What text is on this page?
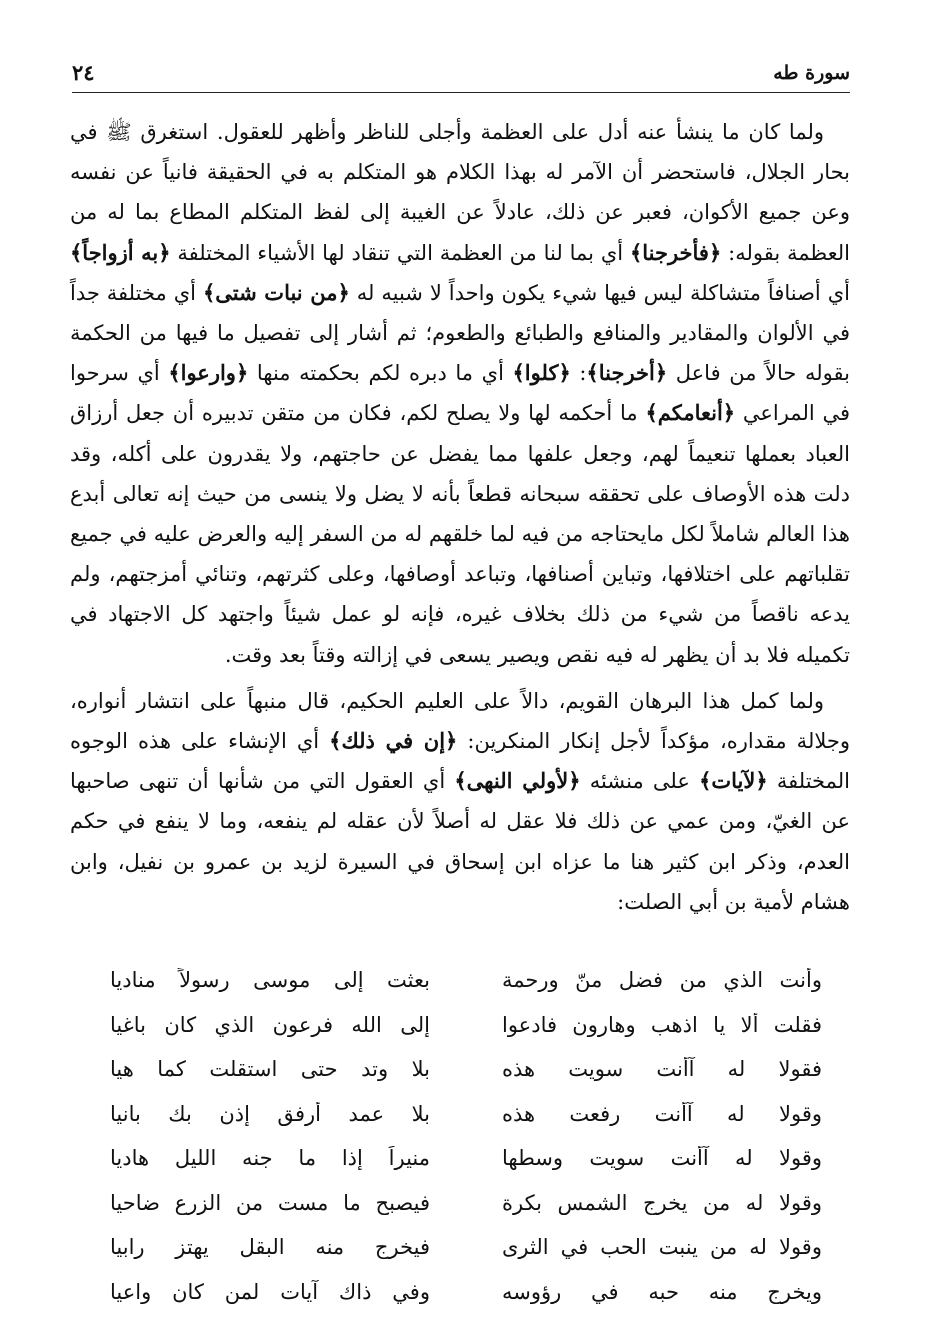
سورة طه
٢٤

ولما كان ما ينشأ عنه أدل على العظمة وأجلى للناظر وأظهر للعقول. استغرق ﷺ في بحار الجلال، فاستحضر أن الآمر له بهذا الكلام هو المتكلم به في الحقيقة فانياً عن نفسه وعن جميع الأكوان، فعبر عن ذلك، عادلاً عن الغيبة إلى لفظ المتكلم المطاع بما له من العظمة بقوله: ﴿فأخرجنا﴾ أي بما لنا من العظمة التي تنقاد لها الأشياء المختلفة ﴿به أزواجاً﴾ أي أصنافاً متشاكلة ليس فيها شيء يكون واحداً لا شبيه له ﴿من نبات شتى﴾ أي مختلفة جداً في الألوان والمقادير والمنافع والطبائع والطعوم؛ ثم أشار إلى تفصيل ما فيها من الحكمة بقوله حالاً من فاعل ﴿أخرجنا﴾: ﴿كلوا﴾ أي ما دبره لكم بحكمته منها ﴿وارعوا﴾ أي سرحوا في المراعي ﴿أنعامكم﴾ ما أحكمه لها ولا يصلح لكم، فكان من متقن تدبيره أن جعل أرزاق العباد بعملها تنعيماً لهم، وجعل علفها مما يفضل عن حاجتهم، ولا يقدرون على أكله، وقد دلت هذه الأوصاف على تحققه سبحانه قطعاً بأنه لا يضل ولا ينسى من حيث إنه تعالى أبدع هذا العالم شاملاً لكل مايحتاجه من فيه لما خلقهم له من السفر إليه والعرض عليه في جميع تقلباتهم على اختلافها، وتباين أصنافها، وتباعد أوصافها، وعلى كثرتهم، وتنائي أمزجتهم، ولم يدعه ناقصاً من شيء من ذلك بخلاف غيره، فإنه لو عمل شيئاً واجتهد كل الاجتهاد في تكميله فلا بد أن يظهر له فيه نقص ويصير يسعى في إزالته وقتاً بعد وقت.

ولما كمل هذا البرهان القويم، دالاً على العليم الحكيم، قال منبهاً على انتشار أنواره، وجلالة مقداره، مؤكداً لأجل إنكار المنكرين: ﴿إن في ذلك﴾ أي الإنشاء على هذه الوجوه المختلفة ﴿لآيات﴾ على منشئه ﴿لأولي النهى﴾ أي العقول التي من شأنها أن تنهى صاحبها عن الغيّ، ومن عمي عن ذلك فلا عقل له أصلاً لأن عقله لم ينفعه، وما لا ينفع في حكم العدم، وذكر ابن كثير هنا ما عزاه ابن إسحاق في السيرة لزيد بن عمرو بن نفيل، وابن هشام لأمية بن أبي الصلت:

وأنت الذي من فضل منّ ورحمة
بعثت إلى موسى رسولاً مناديا
فقلت ألا يا اذهب وهارون فادعوا
إلى الله فرعون الذي كان باغيا
فقولا له آأنت سويت هذه
بلا وتد حتى استقلت كما هيا
وقولا له آأنت رفعت هذه
بلا عمد أرفق إذن بك بانيا
وقولا له آأنت سويت وسطها
منيراً إذا ما جنه الليل هاديا
وقولا له من يخرج الشمس بكرة
فيصبح ما مست من الزرع ضاحيا
وقولا له من ينبت الحب في الثرى
فيخرج منه البقل يهتز رابيا
ويخرج منه حبه في رؤوسه
وفي ذاك آيات لمن كان واعيا
